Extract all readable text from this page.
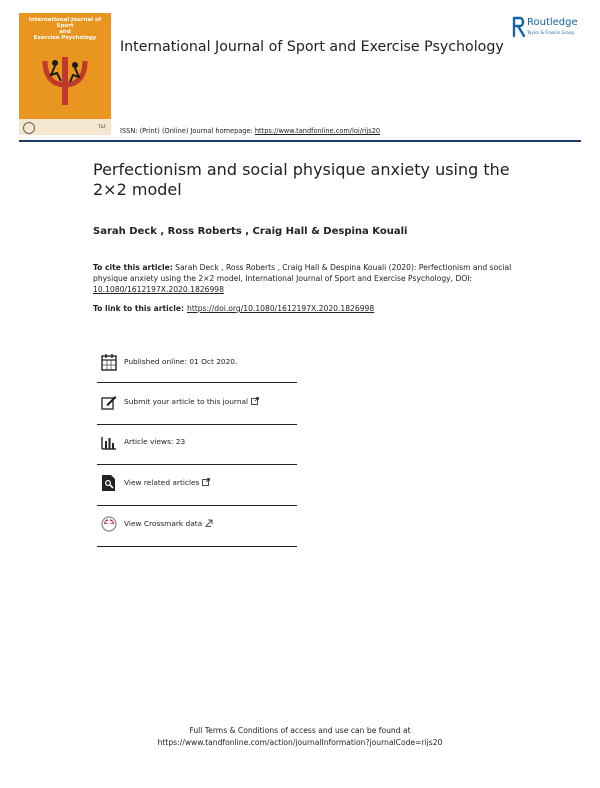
International Journal of Sport
and
Exercise Psychology
T&F
Routledge
Taylor & Francis Group
International Journal of Sport and Exercise Psychology
ISSN: (Print) (Online) Journal homepage: https://www.tandfonline.com/loi/rijs20
Perfectionism and social physique anxiety using the 2×2 model
Sarah Deck , Ross Roberts , Craig Hall & Despina Kouali
To cite this article: Sarah Deck , Ross Roberts , Craig Hall & Despina Kouali (2020): Perfectionism and social physique anxiety using the 2×2 model, International Journal of Sport and Exercise Psychology, DOI: 10.1080/1612197X.2020.1826998
To link to this article: https://doi.org/10.1080/1612197X.2020.1826998
Published online: 01 Oct 2020.
Submit your article to this journal
Article views: 23
View related articles
View Crossmark data
Full Terms & Conditions of access and use can be found at
https://www.tandfonline.com/action/journalInformation?journalCode=rijs20
